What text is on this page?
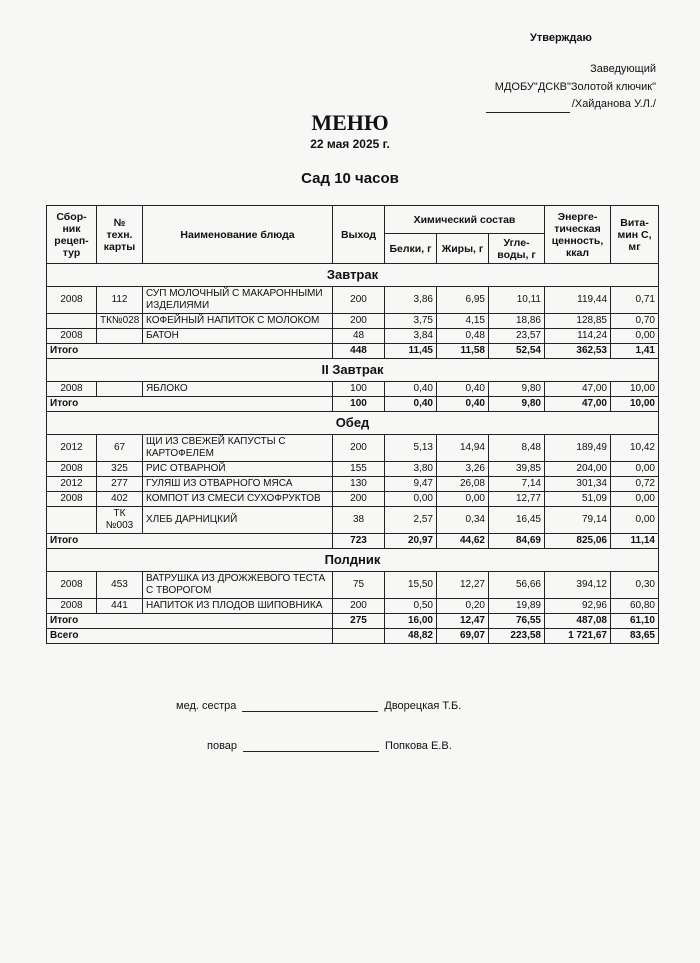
Утверждаю
Заведующий
МДОБУ"ДСКВ"Золотой ключик"
/Хайданова У.Л./
МЕНЮ
22 мая 2025 г.
Сад 10 часов
Сбор-ник рецеп-тур	№ техн. карты	Наименование блюда	Выход	Химический состав			Энерге-тическая ценность, ккал	Вита-мин С, мг
				Белки, г	Жиры, г	Угле-воды, г		
Завтрак								
2008	112	СУП МОЛОЧНЫЙ С МАКАРОННЫМИ ИЗДЕЛИЯМИ	200	3,86	6,95	10,11	119,44	0,71
	ТК№028	КОФЕЙНЫЙ НАПИТОК С МОЛОКОМ	200	3,75	4,15	18,86	128,85	0,70
2008		БАТОН	48	3,84	0,48	23,57	114,24	0,00
Итого			448	11,45	11,58	52,54	362,53	1,41
II Завтрак								
2008		ЯБЛОКО	100	0,40	0,40	9,80	47,00	10,00
Итого			100	0,40	0,40	9,80	47,00	10,00
Обед								
2012	67	ЩИ ИЗ СВЕЖЕЙ КАПУСТЫ С КАРТОФЕЛЕМ	200	5,13	14,94	8,48	189,49	10,42
2008	325	РИС ОТВАРНОЙ	155	3,80	3,26	39,85	204,00	0,00
2012	277	ГУЛЯШ ИЗ ОТВАРНОГО МЯСА	130	9,47	26,08	7,14	301,34	0,72
2008	402	КОМПОТ ИЗ СМЕСИ СУХОФРУКТОВ	200	0,00	0,00	12,77	51,09	0,00
	ТК №003	ХЛЕБ ДАРНИЦКИЙ	38	2,57	0,34	16,45	79,14	0,00
Итого			723	20,97	44,62	84,69	825,06	11,14
Полдник								
2008	453	ВАТРУШКА ИЗ ДРОЖЖЕВОГО ТЕСТА С ТВОРОГОМ	75	15,50	12,27	56,66	394,12	0,30
2008	441	НАПИТОК ИЗ ПЛОДОВ ШИПОВНИКА	200	0,50	0,20	19,89	92,96	60,80
Итого			275	16,00	12,47	76,55	487,08	61,10
Всего				48,82	69,07	223,58	1 721,67	83,65
мед. сестра	Дворецкая Т.Б.
повар	Попкова Е.В.
